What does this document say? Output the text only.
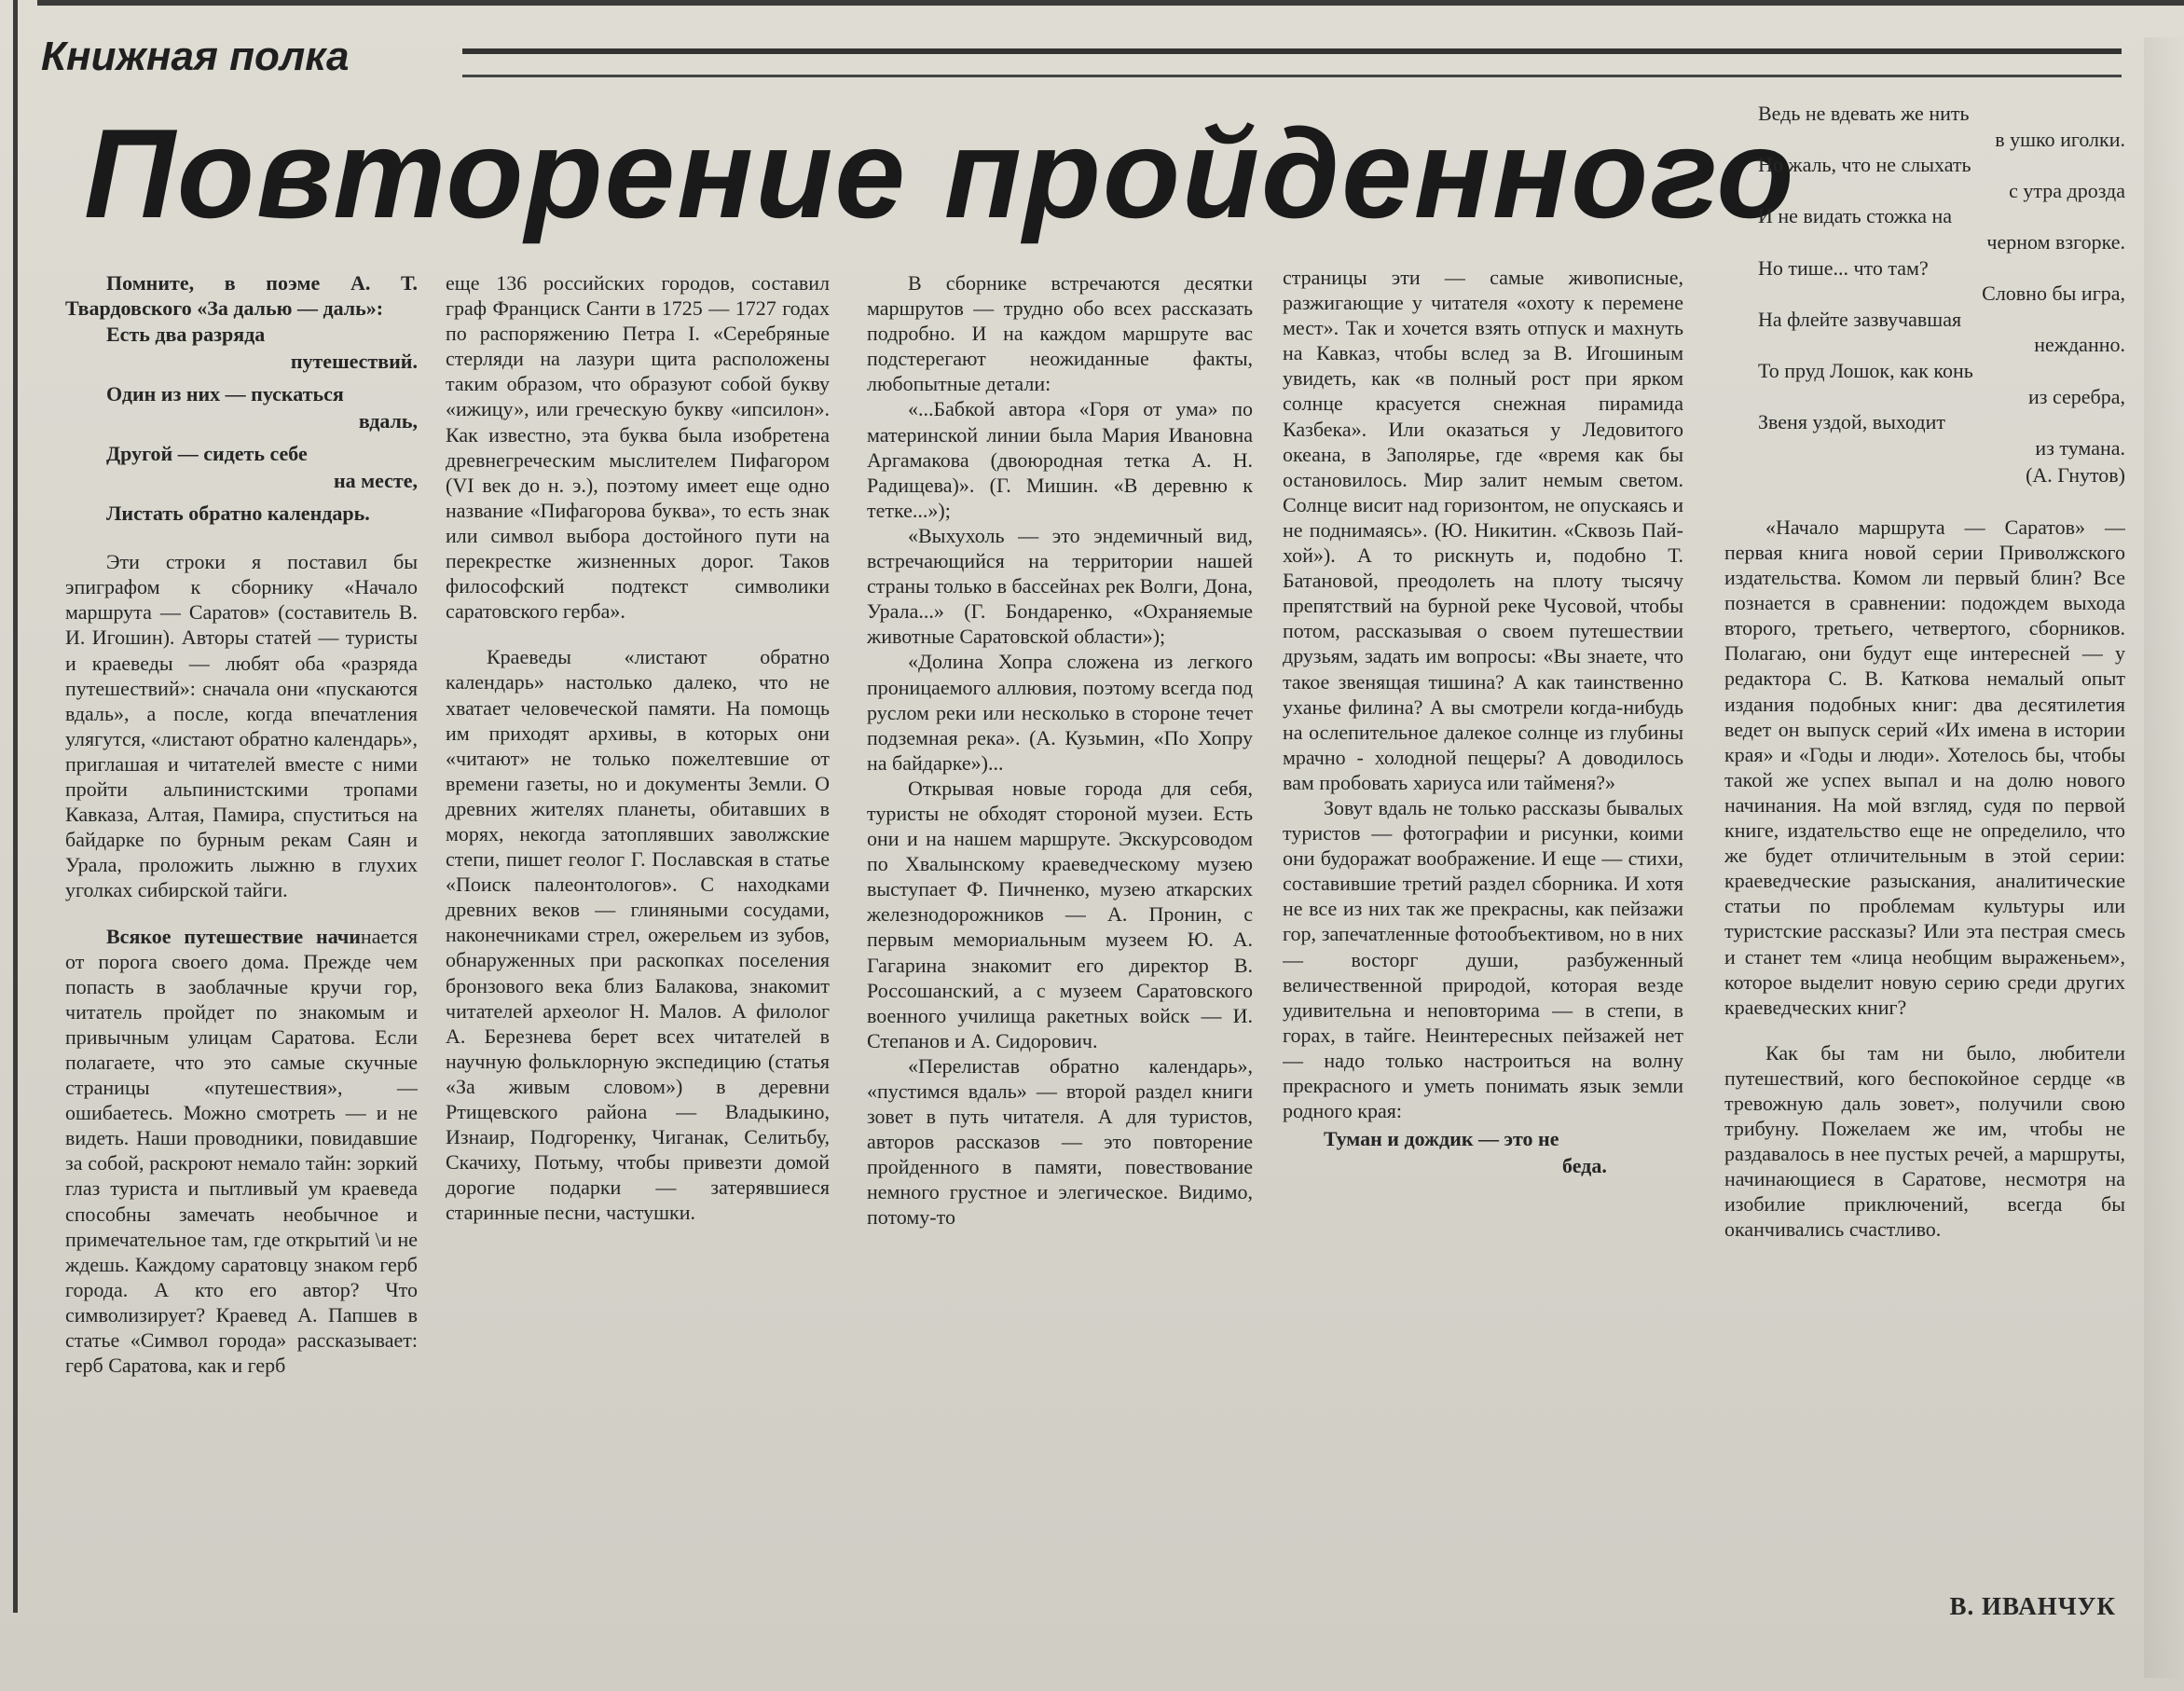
Книжная полка
Повторение пройденного

Помните, в поэме А. Т. Твардовского «За далью — даль»:

Есть два разряда
путешествий.
Один из них — пускаться
вдаль,
Другой — сидеть себе
на месте,
Листать обратно календарь.

Эти строки я поставил бы эпиграфом к сборнику «Начало маршрута — Саратов» (составитель В. И. Игошин). Авторы статей — туристы и краеведы — любят оба «разряда путешествий»: сначала они «пускаются вдаль», а после, когда впечатления улягутся, «листают обратно календарь», приглашая и читателей вместе с ними пройти альпинистскими тропами Кавказа, Алтая, Памира, спуститься на байдарке по бурным рекам Саян и Урала, проложить лыжню в глухих уголках сибирской тайги.

Всякое путешествие начинается от порога своего дома. Прежде чем попасть в заоблачные кручи гор, читатель пройдет по знакомым и привычным улицам Саратова. Если полагаете, что это самые скучные страницы «путешествия», — ошибаетесь. Можно смотреть — и не видеть. Наши проводники, повидавшие за собой, раскроют немало тайн: зоркий глаз туриста и пытливый ум краеведа способны замечать необычное и примечательное там, где открытий \и не ждешь. Каждому саратовцу знаком герб города. А кто его автор? Что символизирует? Краевед А. Папшев в статье «Символ города» рассказывает: герб Саратова, как и герб

еще 136 российских городов, составил граф Франциск Санти в 1725 — 1727 годах по распоряжению Петра I. «Серебряные стерляди на лазури щита расположены таким образом, что образуют собой букву «ижицу», или греческую букву «ипсилон». Как известно, эта буква была изобретена древнегреческим мыслителем Пифагором (VI век до н. э.), поэтому имеет еще одно название «Пифагорова буква», то есть знак или символ выбора достойного пути на перекрестке жизненных дорог. Таков философский подтекст символики саратовского герба».

Краеведы «листают обратно календарь» настолько далеко, что не хватает человеческой памяти. На помощь им приходят архивы, в которых они «читают» не только пожелтевшие от времени газеты, но и документы Земли. О древних жителях планеты, обитавших в морях, некогда затоплявших заволжские степи, пишет геолог Г. Пославская в статье «Поиск палеонтологов». С находками древних веков — глиняными сосудами, наконечниками стрел, ожерельем из зубов, обнаруженных при раскопках поселения бронзового века близ Балакова, знакомит читателей археолог Н. Малов. А филолог А. Березнева берет всех читателей в научную фольклорную экспедицию (статья «За живым словом») в деревни Ртищевского района — Владыкино, Изнаир, Подгоренку, Чиганак, Селитьбу, Скачиху, Потьму, чтобы привезти домой дорогие подарки — затерявшиеся старинные песни, частушки.

В сборнике встречаются десятки маршрутов — трудно обо всех рассказать подробно. И на каждом маршруте вас подстерегают неожиданные факты, любопытные детали:

«...Бабкой автора «Горя от ума» по материнской линии была Мария Ивановна Аргамакова (двоюродная тетка А. Н. Радищева)». (Г. Мишин. «В деревню к тетке...»);

«Выхухоль — это эндемичный вид, встречающийся на территории нашей страны только в бассейнах рек Волги, Дона, Урала...» (Г. Бондаренко, «Охраняемые животные Саратовской области»);

«Долина Хопра сложена из легкого проницаемого аллювия, поэтому всегда под руслом реки или несколько в стороне течет подземная река». (А. Кузьмин, «По Хопру на байдарке»)...

Открывая новые города для себя, туристы не обходят стороной музеи. Есть они и на нашем маршруте. Экскурсоводом по Хвалынскому краеведческому музею выступает Ф. Пичненко, музею аткарских железнодорожников — А. Пронин, с первым мемориальным музеем Ю. А. Гагарина знакомит его директор В. Россошанский, а с музеем Саратовского военного училища ракетных войск — И. Степанов и А. Сидорович.

«Перелистав обратно календарь», «пустимся вдаль» — второй раздел книги зовет в путь читателя. А для туристов, авторов рассказов — это повторение пройденного в памяти, повествование немного грустное и элегическое. Видимо, потому-то

страницы эти — самые живописные, разжигающие у читателя «охоту к перемене мест». Так и хочется взять отпуск и махнуть на Кавказ, чтобы вслед за В. Игошиным увидеть, как «в полный рост при ярком солнце красуется снежная пирамида Казбека». Или оказаться у Ледовитого океана, в Заполярье, где «время как бы остановилось. Мир залит немым светом. Солнце висит над горизонтом, не опускаясь и не поднимаясь». (Ю. Никитин. «Сквозь Пай-хой»). А то рискнуть и, подобно Т. Батановой, преодолеть на плоту тысячу препятствий на бурной реке Чусовой, чтобы потом, рассказывая о своем путешествии друзьям, задать им вопросы: «Вы знаете, что такое звенящая тишина? А как таинственно уханье филина? А вы смотрели когда-нибудь на ослепительное далекое солнце из глубины мрачно - холодной пещеры? А доводилось вам пробовать хариуса или тайменя?»

Зовут вдаль не только рассказы бывалых туристов — фотографии и рисунки, коими они будоражат воображение. И еще — стихи, составившие третий раздел сборника. И хотя не все из них так же прекрасны, как пейзажи гор, запечатленные фотообъективом, но в них — восторг души, разбуженный величественной природой, которая везде удивительна и неповторима — в степи, в горах, в тайге. Неинтересных пейзажей нет — надо только настроиться на волну прекрасного и уметь понимать язык земли родного края:

Туман и дождик — это не
беда.
Ведь не вдевать же нить
в ушко иголки.
Но жаль, что не слыхать
с утра дрозда
И не видать стожка на
черном взгорке.
Но тише... что там?
Словно бы игра,
На флейте зазвучавшая
нежданно.
То пруд Лошок, как конь
из серебра,
Звеня уздой, выходит
из тумана.
(А. Гнутов)

«Начало маршрута — Саратов» — первая книга новой серии Приволжского издательства. Комом ли первый блин? Все познается в сравнении: подождем выхода второго, третьего, четвертого, сборников. Полагаю, они будут еще интересней — у редактора С. В. Каткова немалый опыт издания подобных книг: два десятилетия ведет он выпуск серий «Их имена в истории края» и «Годы и люди». Хотелось бы, чтобы такой же успех выпал и на долю нового начинания. На мой взгляд, судя по первой книге, издательство еще не определило, что же будет отличительным в этой серии: краеведческие разыскания, аналитические статьи по проблемам культуры или туристские рассказы? Или эта пестрая смесь и станет тем «лица необщим выраженьем», которое выделит новую серию среди других краеведческих книг?

Как бы там ни было, любители путешествий, кого беспокойное сердце «в тревожную даль зовет», получили свою трибуну. Пожелаем же им, чтобы не раздавалось в нее пустых речей, а маршруты, начинающиеся в Саратове, несмотря на изобилие приключений, всегда бы оканчивались счастливо.

В. ИВАНЧУК
